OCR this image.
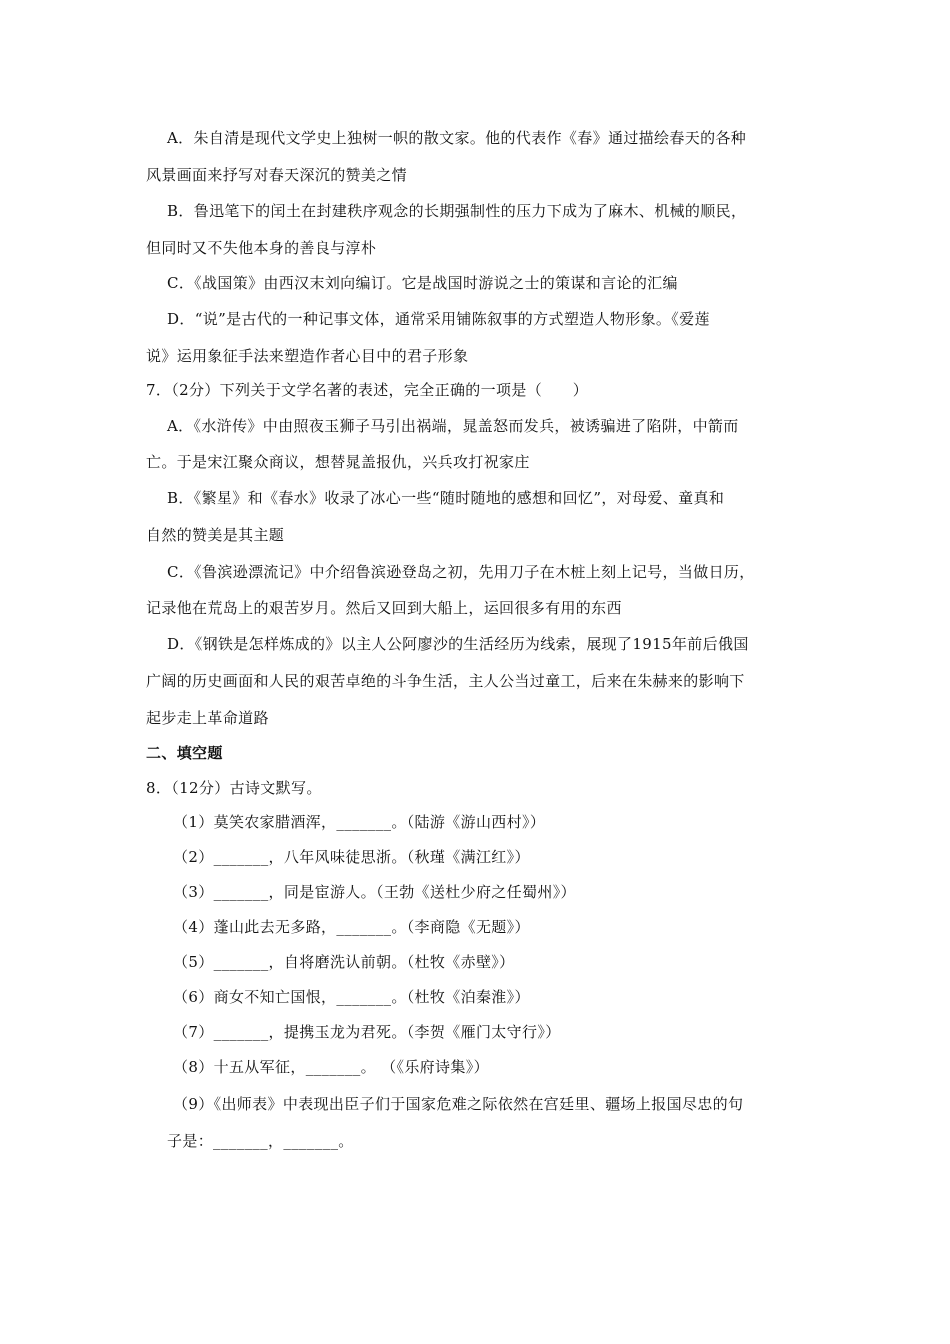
A．朱自清是现代文学史上独树一帜的散文家。他的代表作《春》通过描绘春天的各种
风景画面来抒写对春天深沉的赞美之情
B．鲁迅笔下的闰土在封建秩序观念的长期强制性的压力下成为了麻木、机械的顺民，
但同时又不失他本身的善良与淳朴
C．《战国策》由西汉末刘向编订。它是战国时游说之士的策谋和言论的汇编
D．“说”是古代的一种记事文体，通常采用铺陈叙事的方式塑造人物形象。《爱莲
说》运用象征手法来塑造作者心目中的君子形象
7．（2分）下列关于文学名著的表述，完全正确的一项是（　　）
A．《水浒传》中由照夜玉狮子马引出祸端，晁盖怒而发兵，被诱骗进了陷阱，中箭而
亡。于是宋江聚众商议，想替晁盖报仇，兴兵攻打祝家庄
B．《繁星》和《春水》收录了冰心一些“随时随地的感想和回忆”，对母爱、童真和
自然的赞美是其主题
C．《鲁滨逊漂流记》中介绍鲁滨逊登岛之初，先用刀子在木桩上刻上记号，当做日历，
记录他在荒岛上的艰苦岁月。然后又回到大船上，运回很多有用的东西
D．《钢铁是怎样炼成的》以主人公阿廖沙的生活经历为线索，展现了1915年前后俄国
广阔的历史画面和人民的艰苦卓绝的斗争生活，主人公当过童工，后来在朱赫来的影响下
起步走上革命道路
二、填空题
8．（12分）古诗文默写。
（1）莫笑农家腊酒浑，_______。（陆游《游山西村》）
（2）_______，八年风味徒思浙。（秋瑾《满江红》）
（3）_______，同是宦游人。（王勃《送杜少府之任蜀州》）
（4）蓬山此去无多路，_______。（李商隐《无题》）
（5）_______，自将磨洗认前朝。（杜牧《赤壁》）
（6）商女不知亡国恨，_______。（杜牧《泊秦淮》）
（7）_______，提携玉龙为君死。（李贺《雁门太守行》）
（8）十五从军征，_______。 （《乐府诗集》）
（9）《出师表》中表现出臣子们于国家危难之际依然在宫廷里、疆场上报国尽忠的句
子是：_______，_______。
